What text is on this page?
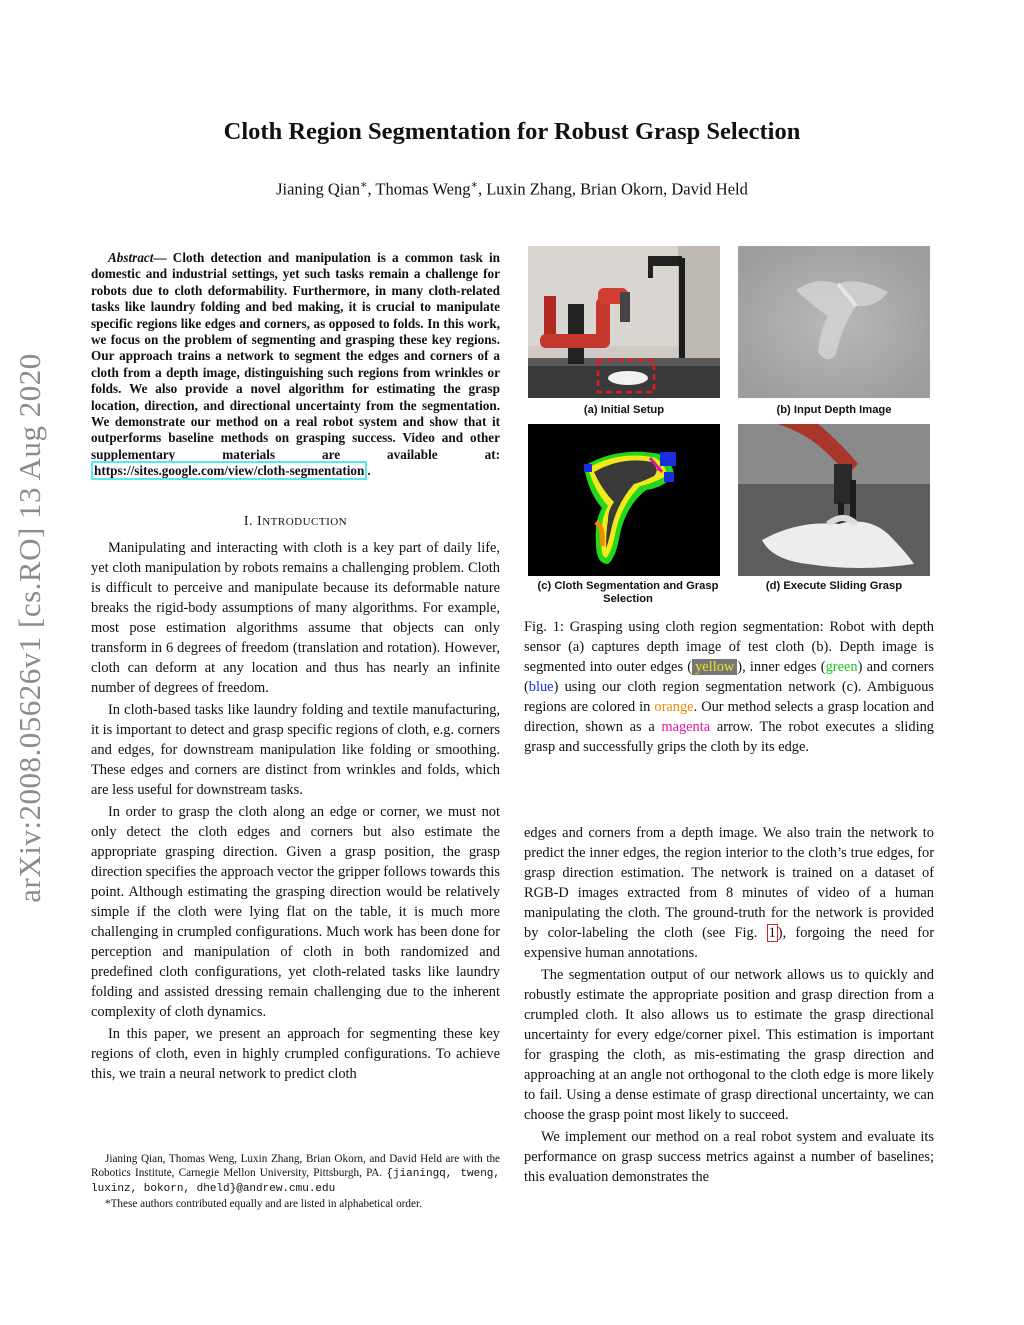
arXiv:2008.05626v1 [cs.RO] 13 Aug 2020
Cloth Region Segmentation for Robust Grasp Selection
Jianing Qian∗, Thomas Weng∗, Luxin Zhang, Brian Okorn, David Held
Abstract— Cloth detection and manipulation is a common task in domestic and industrial settings, yet such tasks remain a challenge for robots due to cloth deformability. Furthermore, in many cloth-related tasks like laundry folding and bed making, it is crucial to manipulate specific regions like edges and corners, as opposed to folds. In this work, we focus on the problem of segmenting and grasping these key regions. Our approach trains a network to segment the edges and corners of a cloth from a depth image, distinguishing such regions from wrinkles or folds. We also provide a novel algorithm for estimating the grasp location, direction, and directional uncertainty from the segmentation. We demonstrate our method on a real robot system and show that it outperforms baseline methods on grasping success. Video and other supplementary materials are available at: https://sites.google.com/view/cloth-segmentation .
I. INTRODUCTION

Manipulating and interacting with cloth is a key part of daily life, yet cloth manipulation by robots remains a challenging problem. Cloth is difficult to perceive and manipulate because its deformable nature breaks the rigid-body assumptions of many algorithms. For example, most pose estimation algorithms assume that objects can only transform in 6 degrees of freedom (translation and rotation). However, cloth can deform at any location and thus has nearly an infinite number of degrees of freedom.

In cloth-based tasks like laundry folding and textile manufacturing, it is important to detect and grasp specific regions of cloth, e.g. corners and edges, for downstream manipulation like folding or smoothing. These edges and corners are distinct from wrinkles and folds, which are less useful for downstream tasks.

In order to grasp the cloth along an edge or corner, we must not only detect the cloth edges and corners but also estimate the appropriate grasping direction. Given a grasp position, the grasp direction specifies the approach vector the gripper follows towards this point. Although estimating the grasping direction would be relatively simple if the cloth were lying flat on the table, it is much more challenging in crumpled configurations. Much work has been done for perception and manipulation of cloth in both randomized and predefined cloth configurations, yet cloth-related tasks like laundry folding and assisted dressing remain challenging due to the inherent complexity of cloth dynamics.

In this paper, we present an approach for segmenting these key regions of cloth, even in highly crumpled configurations. To achieve this, we train a neural network to predict cloth

Jianing Qian, Thomas Weng, Luxin Zhang, Brian Okorn, and David Held are with the Robotics Institute, Carnegie Mellon University, Pittsburgh, PA. {jianingq, tweng, luxinz, bokorn, dheld}@andrew.cmu.edu

*These authors contributed equally and are listed in alphabetical order.

(a) Initial Setup	(b) Input Depth Image
(c) Cloth Segmentation and Grasp Selection
(d) Execute Sliding Grasp
Fig. 1: Grasping using cloth region segmentation: Robot with depth sensor (a) captures depth image of test cloth (b). Depth image is segmented into outer edges ( yellow ), inner edges (green) and corners (blue) using our cloth region segmentation network (c). Ambiguous regions are colored in orange. Our method selects a grasp location and direction, shown as a magenta arrow. The robot executes a sliding grasp and successfully grips the cloth by its edge.

edges and corners from a depth image. We also train the network to predict the inner edges, the region interior to the cloth’s true edges, for grasp direction estimation. The network is trained on a dataset of RGB-D images extracted from 8 minutes of video of a human manipulating the cloth. The ground-truth for the network is provided by color-labeling the cloth (see Fig. 1 ), forgoing the need for expensive human annotations.

The segmentation output of our network allows us to quickly and robustly estimate the appropriate position and grasp direction from a crumpled cloth. It also allows us to estimate the grasp directional uncertainty for every edge/corner pixel. This estimation is important for grasping the cloth, as mis-estimating the grasp direction and approaching at an angle not orthogonal to the cloth edge is more likely to fail. Using a dense estimate of grasp directional uncertainty, we can choose the grasp point most likely to succeed.

We implement our method on a real robot system and evaluate its performance on grasp success metrics against a number of baselines; this evaluation demonstrates the
